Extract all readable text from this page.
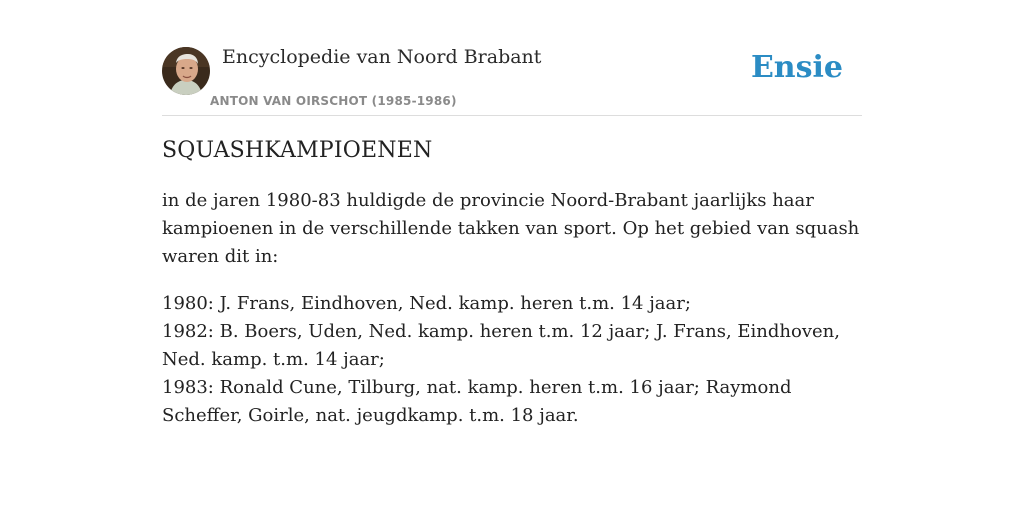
Encyclopedie van Noord Brabant
ANTON VAN OIRSCHOT (1985-1986)
Ensie
SQUASHKAMPIOENEN

in de jaren 1980-83 huldigde de provincie Noord-Brabant jaarlijks haar kampioenen in de verschillende takken van sport. Op het gebied van squash waren dit in:

1980: J. Frans, Eindhoven, Ned. kamp. heren t.m. 14 jaar;
1982: B. Boers, Uden, Ned. kamp. heren t.m. 12 jaar; J. Frans, Eindhoven, Ned. kamp. t.m. 14 jaar;
1983: Ronald Cune, Tilburg, nat. kamp. heren t.m. 16 jaar; Raymond Scheffer, Goirle, nat. jeugdkamp. t.m. 18 jaar.
